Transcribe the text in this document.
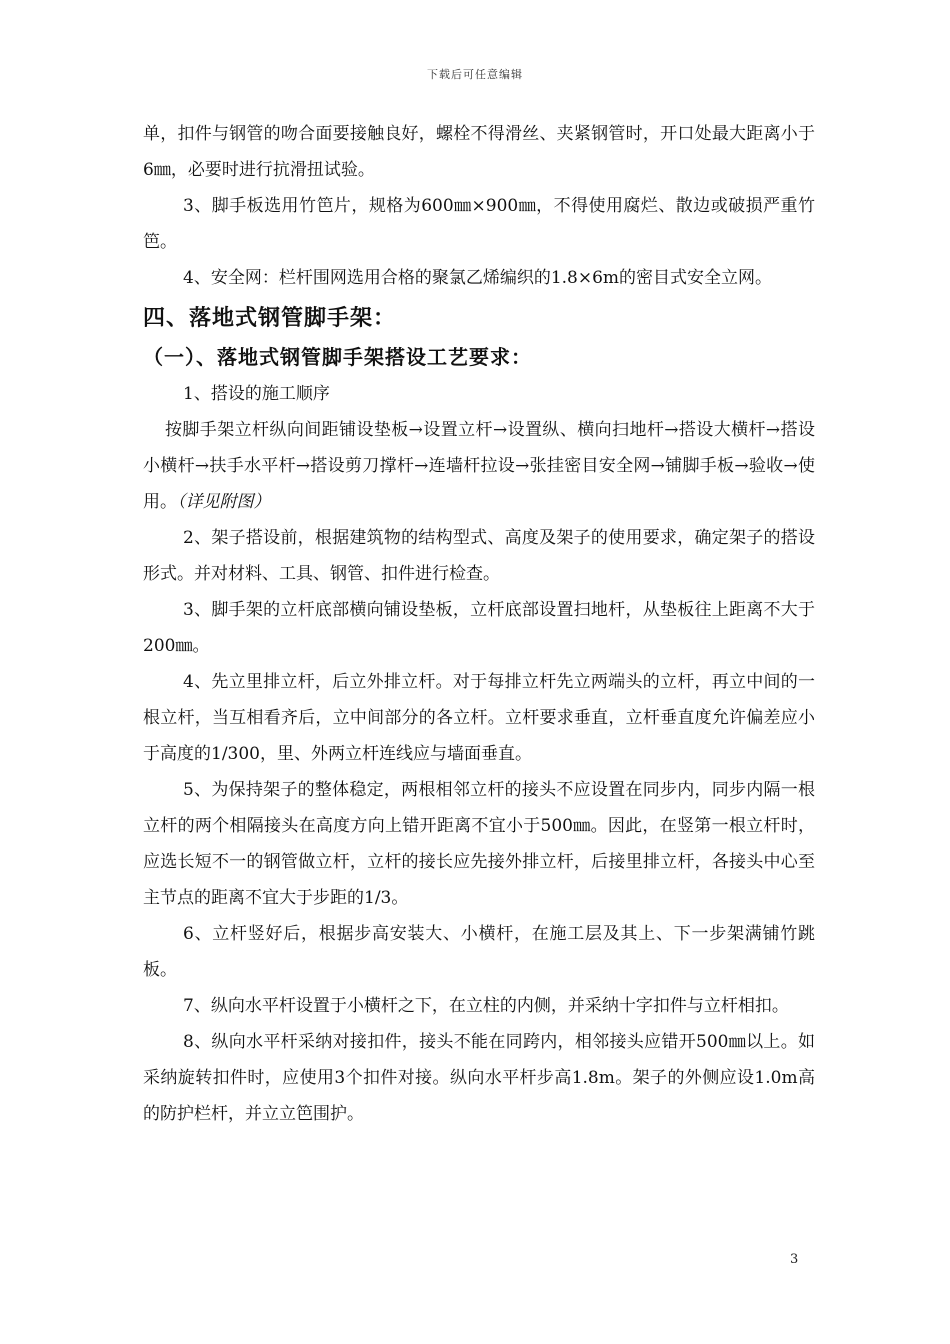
下载后可任意编辑

单，扣件与钢管的吻合面要接触良好，螺栓不得滑丝、夹紧钢管时，开口处最大距离小于6㎜，必要时进行抗滑扭试验。

3、脚手板选用竹笆片，规格为600㎜×900㎜，不得使用腐烂、散边或破损严重竹笆。

4、安全网：栏杆围网选用合格的聚氯乙烯编织的1.8×6m的密目式安全立网。

四、落地式钢管脚手架：
（一）、落地式钢管脚手架搭设工艺要求：

1、搭设的施工顺序

按脚手架立杆纵向间距铺设垫板→设置立杆→设置纵、横向扫地杆→搭设大横杆→搭设小横杆→扶手水平杆→搭设剪刀撑杆→连墙杆拉设→张挂密目安全网→铺脚手板→验收→使用。（详见附图）

2、架子搭设前，根据建筑物的结构型式、高度及架子的使用要求，确定架子的搭设形式。并对材料、工具、钢管、扣件进行检查。

3、脚手架的立杆底部横向铺设垫板，立杆底部设置扫地杆，从垫板往上距离不大于200㎜。

4、先立里排立杆，后立外排立杆。对于每排立杆先立两端头的立杆，再立中间的一根立杆，当互相看齐后，立中间部分的各立杆。立杆要求垂直，立杆垂直度允许偏差应小于高度的1/300，里、外两立杆连线应与墙面垂直。

5、为保持架子的整体稳定，两根相邻立杆的接头不应设置在同步内，同步内隔一根立杆的两个相隔接头在高度方向上错开距离不宜小于500㎜。因此，在竖第一根立杆时，应选长短不一的钢管做立杆，立杆的接长应先接外排立杆，后接里排立杆，各接头中心至主节点的距离不宜大于步距的1/3。

6、立杆竖好后，根据步高安装大、小横杆，在施工层及其上、下一步架满铺竹跳板。

7、纵向水平杆设置于小横杆之下，在立柱的内侧，并采纳十字扣件与立杆相扣。

8、纵向水平杆采纳对接扣件，接头不能在同跨内，相邻接头应错开500㎜以上。如采纳旋转扣件时，应使用3个扣件对接。纵向水平杆步高1.8m。架子的外侧应设1.0m高的防护栏杆，并立立笆围护。

3
